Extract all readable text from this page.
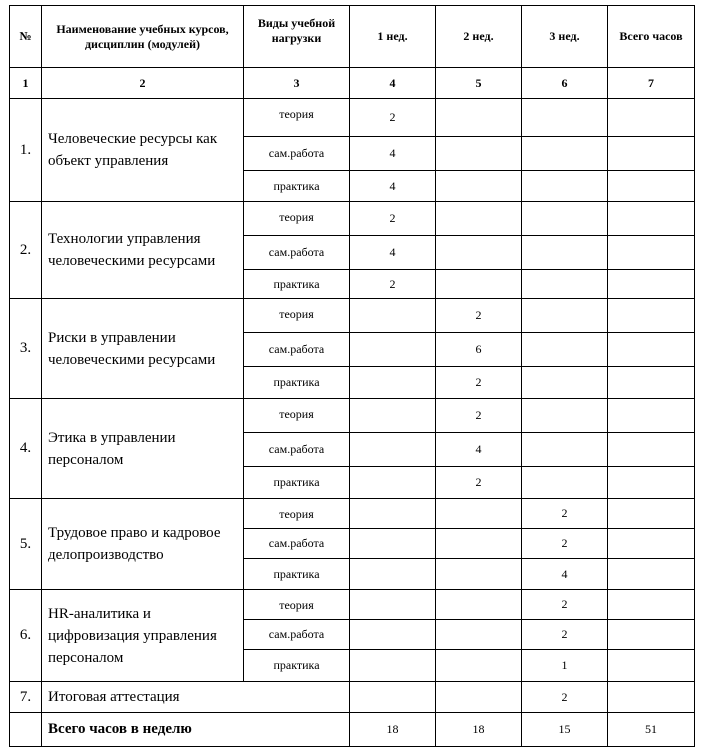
№	Наименование учебных курсов, дисциплин (модулей)	Виды учебной нагрузки	1 нед.	2 нед.	3 нед.	Всего часов
1	2	3	4	5	6	7
1.	Человеческие ресурсы как объект управления	теория	2			
		сам.работа	4			
		практика	4			
2.	Технологии управления человеческими ресурсами	теория	2			
		сам.работа	4			
		практика	2			
3.	Риски в управлении человеческими ресурсами	теория		2		
		сам.работа		6		
		практика		2		
4.	Этика в управлении персоналом	теория		2		
		сам.работа		4		
		практика		2		
5.	Трудовое право и кадровое делопроизводство	теория			2	
		сам.работа			2	
		практика			4	
6.	HR-аналитика и цифровизация управления персоналом	теория			2	
		сам.работа			2	
		практика			1	
7.	Итоговая аттестация				2	
	Всего часов в неделю		18	18	15	51
